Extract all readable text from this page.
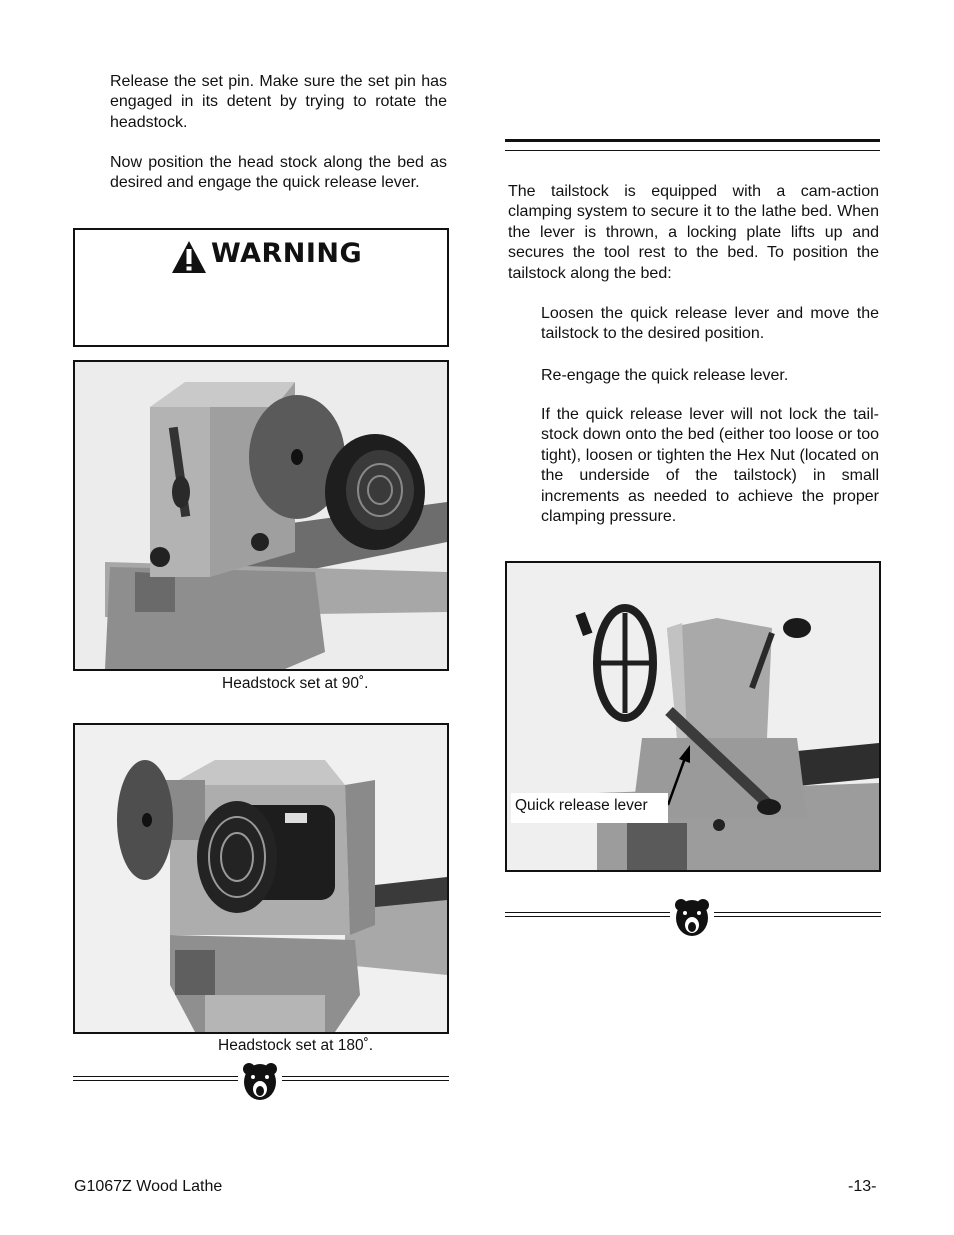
Release the set pin. Make sure the set pin has engaged in its detent by trying to rotate the headstock.
Now position the head stock along the bed as desired and engage the quick release lever.
WARNING
Headstock set at 90˚.
Headstock set at 180˚.
The tailstock is equipped with a cam-action clamping system to secure it to the lathe bed. When the lever is thrown, a locking plate lifts up and secures the tool rest to the bed. To position the tailstock along the bed:
Loosen the quick release lever and move the tailstock to the desired position.
Re-engage the quick release lever.
If the quick release lever will not lock the tail-stock down onto the bed (either too loose or too tight), loosen or tighten the Hex Nut (located on the underside of the tailstock) in small increments as needed to achieve the proper clamping pressure.
Quick release lever
G1067Z Wood Lathe	-13-
